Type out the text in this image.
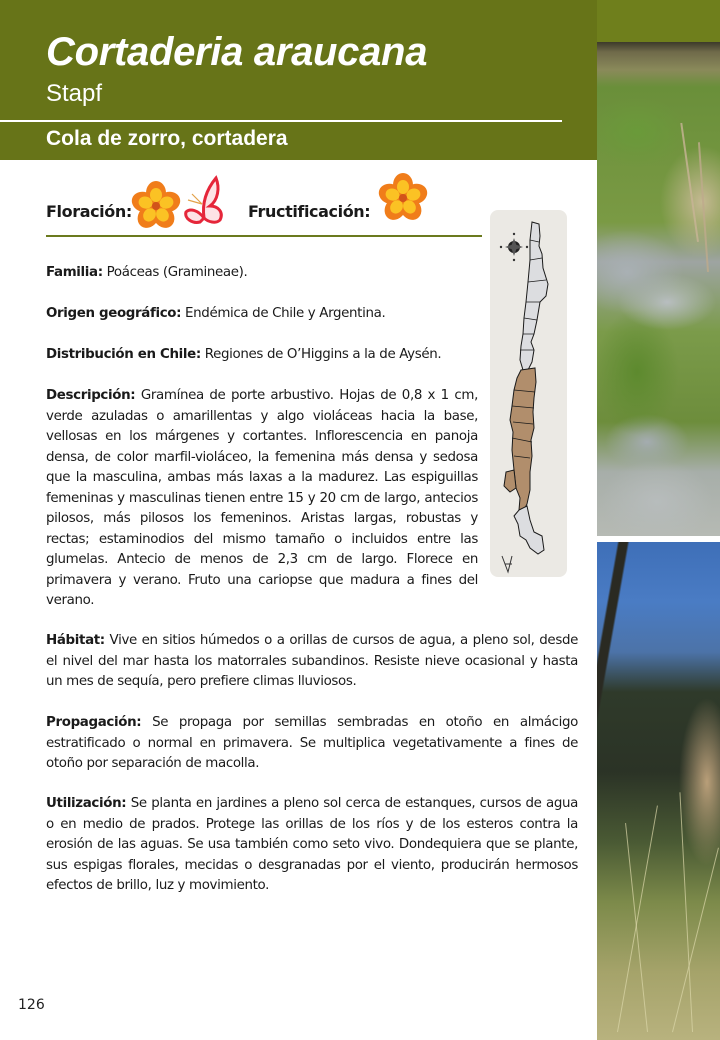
Cortaderia araucana
Stapf
Cola de zorro, cortadera
Floración:	Fructificación:

Familia: Poáceas (Gramineae).

Origen geográfico: Endémica de Chile y Argentina.

Distribución en Chile: Regiones de O’Higgins a la de Aysén.

Descripción: Gramínea de porte arbustivo. Hojas de 0,8 x 1 cm, verde azuladas o amarillentas y algo violáceas hacia la base, vellosas en los márgenes y cortantes. Inflorescencia en panoja densa, de color marfil-violáceo, la femenina más densa y sedosa que la masculina, ambas más laxas a la madurez. Las espiguillas femeninas y masculinas tienen entre 15 y 20 cm de largo, antecios pilosos, más pilosos los femeninos. Aristas largas, robustas y rectas; estaminodios del mismo tamaño o incluidos entre las glumelas. Antecio de menos de 2,3 cm de largo. Florece en primavera y verano. Fruto una cariopse que madura a fines del verano.

Hábitat: Vive en sitios húmedos o a orillas de cursos de agua, a pleno sol, desde el nivel del mar hasta los matorrales subandinos. Resiste nieve ocasional y hasta un mes de sequía, pero prefiere climas lluviosos.

Propagación: Se propaga por semillas sembradas en otoño en almácigo estratificado o normal en primavera. Se multiplica vegetativamente a fines de otoño por separación de macolla.

Utilización: Se planta en jardines a pleno sol cerca de estanques, cursos de agua o en medio de prados. Protege las orillas de los ríos y de los esteros contra la erosión de las aguas. Se usa también como seto vivo. Dondequiera que se plante, sus espigas florales, mecidas o desgranadas por el viento, producirán hermosos efectos de brillo, luz y movimiento.

126
